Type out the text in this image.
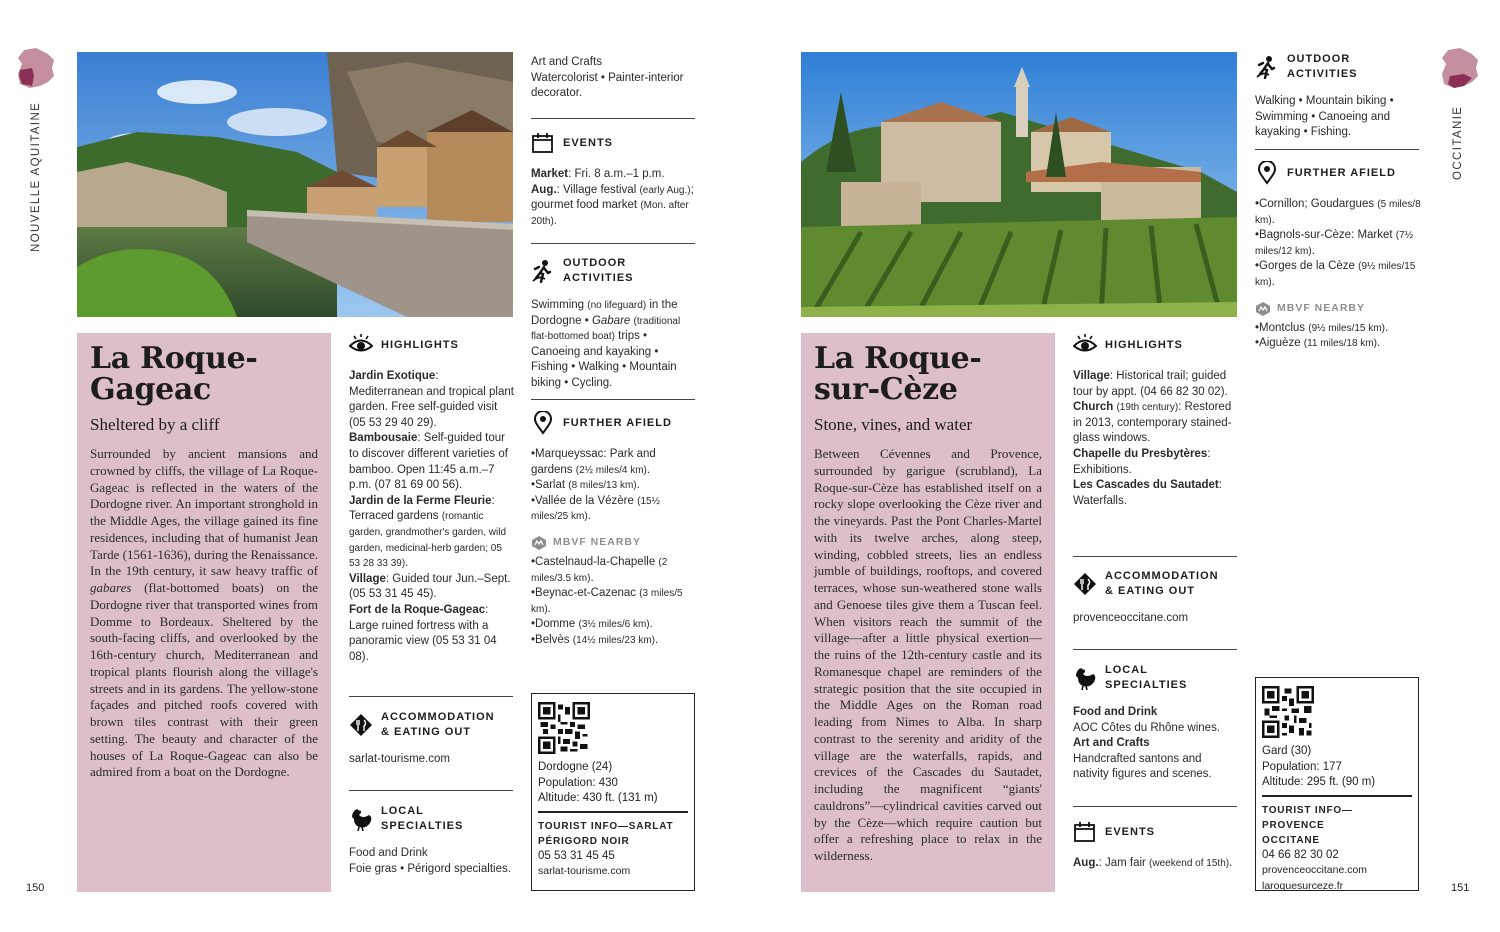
NOUVELLE AQUITAINE
150
La Roque-Gageac
Sheltered by a cliff

Surrounded by ancient mansions and crowned by cliffs, the village of La Roque-Gageac is reflected in the waters of the Dordogne river. An important stronghold in the Middle Ages, the village gained its fine residences, including that of humanist Jean Tarde (1561-1636), during the Renaissance. In the 19th century, it saw heavy traffic of gabares (flat-bottomed boats) on the Dordogne river that transported wines from Domme to Bordeaux. Sheltered by the south-facing cliffs, and overlooked by the 16th-century church, Mediterranean and tropical plants flourish along the village's streets and in its gardens. The yellow-stone façades and pitched roofs covered with brown tiles contrast with their green setting. The beauty and character of the houses of La Roque-Gageac can also be admired from a boat on the Dordogne.

HIGHLIGHTS
Jardin Exotique: Mediterranean and tropical plant garden. Free self-guided visit (05 53 29 40 29).
Bambousaie: Self-guided tour to discover different varieties of bamboo. Open 11:45 a.m.–7 p.m. (07 81 69 00 56).
Jardin de la Ferme Fleurie: Terraced gardens (romantic garden, grandmother's garden, wild garden, medicinal-herb garden; 05 53 28 33 39).
Village: Guided tour Jun.–Sept. (05 53 31 45 45).
Fort de la Roque-Gageac: Large ruined fortress with a panoramic view (05 53 31 04 08).
ACCOMMODATION
& EATING OUT
sarlat-tourisme.com
LOCAL
SPECIALTIES
Food and Drink
Foie gras • Périgord specialties.
Art and Crafts
Watercolorist • Painter-interior decorator.
EVENTS
Market: Fri. 8 a.m.–1 p.m.
Aug.: Village festival (early Aug.); gourmet food market (Mon. after 20th).
OUTDOOR ACTIVITIES
Swimming (no lifeguard) in the Dordogne • Gabare (traditional flat-bottomed boat) trips • Canoeing and kayaking • Fishing • Walking • Mountain biking • Cycling.
FURTHER AFIELD
•Marqueyssac: Park and gardens (2½ miles/4 km).
•Sarlat (8 miles/13 km).
•Vallée de la Vézère (15½ miles/25 km).
MBVF NEARBY
•Castelnaud-la-Chapelle (2 miles/3.5 km).
•Beynac-et-Cazenac (3 miles/5 km).
•Domme (3½ miles/6 km).
•Belvès (14½ miles/23 km).
Dordogne (24)
Population: 430
Altitude: 430 ft. (131 m)
TOURIST INFO—SARLAT
PÉRIGORD NOIR
05 53 31 45 45
sarlat-tourisme.com
La Roque-sur-Cèze
Stone, vines, and water

Between Cévennes and Provence, surrounded by garigue (scrubland), La Roque-sur-Cèze has established itself on a rocky slope overlooking the Cèze river and the vineyards. Past the Pont Charles-Martel with its twelve arches, along steep, winding, cobbled streets, lies an endless jumble of buildings, rooftops, and covered terraces, whose sun-weathered stone walls and Genoese tiles give them a Tuscan feel. When visitors reach the summit of the village—after a little physical exertion—the ruins of the 12th-century castle and its Romanesque chapel are reminders of the strategic position that the site occupied in the Middle Ages on the Roman road leading from Nimes to Alba. In sharp contrast to the serenity and aridity of the village are the waterfalls, rapids, and crevices of the Cascades du Sautadet, including the magnificent “giants' cauldrons”—cylindrical cavities carved out by the Cèze—which require caution but offer a refreshing place to relax in the wilderness.

HIGHLIGHTS
Village: Historical trail; guided tour by appt. (04 66 82 30 02).
Church (19th century): Restored in 2013, contemporary stained-glass windows.
Chapelle du Presbytères: Exhibitions.
Les Cascades du Sautadet: Waterfalls.
ACCOMMODATION
& EATING OUT
provenceoccitane.com
LOCAL
SPECIALTIES
Food and Drink
AOC Côtes du Rhône wines.
Art and Crafts
Handcrafted santons and nativity figures and scenes.
EVENTS
Aug.: Jam fair (weekend of 15th).
OUTDOOR ACTIVITIES
Walking • Mountain biking • Swimming • Canoeing and kayaking • Fishing.
FURTHER AFIELD
•Cornillon; Goudargues (5 miles/8 km).
•Bagnols-sur-Cèze: Market (7½ miles/12 km).
•Gorges de la Cèze (9½ miles/15 km).
MBVF NEARBY
•Montclus (9½ miles/15 km).
•Aiguèze (11 miles/18 km).
Gard (30)
Population: 177
Altitude: 295 ft. (90 m)
TOURIST INFO—PROVENCE
OCCITANE
04 66 82 30 02
provenceoccitane.com
laroquesurceze.fr
OCCITANIE
151
